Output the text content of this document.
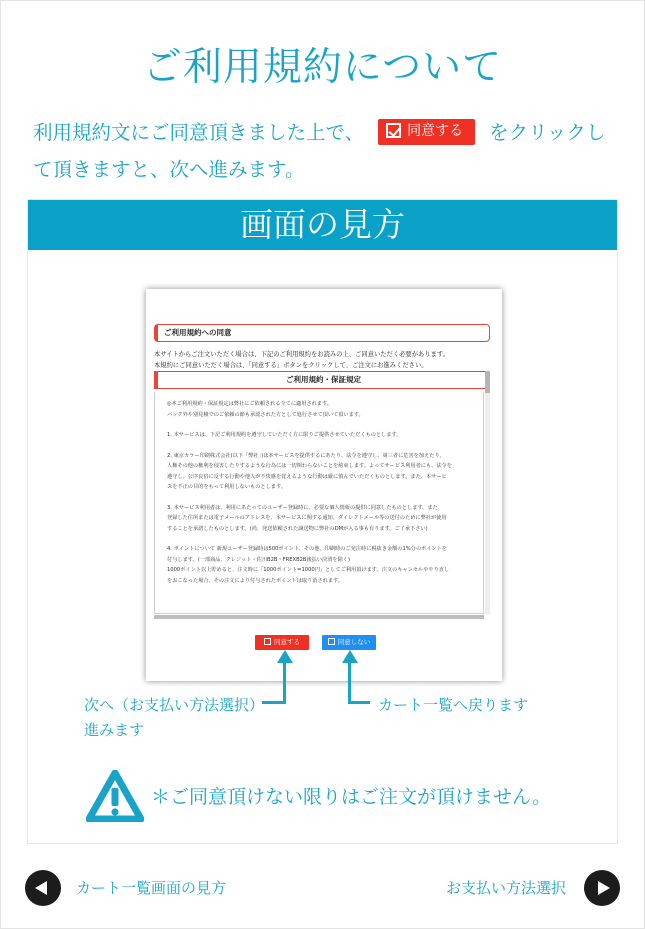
ご利用規約について
利用規約文にご同意頂きました上で、	同意する をクリックして頂きますと、次へ進みます。
画面の見方
ご利用規約への同意
本サイトからご注文いただく場合は、下記のご利用規約をお読みの上、ご同意いただく必要があります。
本規約にご同意いただく場合は、「同意する」ボタンをクリックして、ご注文にお進みください。
ご利用規約・保証規定
◎本ご利用規約・保証規定は弊社にご依頼される全てに適用されます。
バック外や別見積でのご依頼の節も承認された方として進行させて頂いて頂います。
1. 本サービスは、下記ご利用規約を遵守していただく方に限りご提供させていただくものとします。
2. 東京カラー印刷株式会社(以下「弊社」)は本サービスを提供するにあたり、法令を遵守し、第三者に危害を加えたり、
人権その他の権利を侵害したりするような行為には一切関わらないことを約束します。よってサービス利用者にも、法令を
遵守し、公序良俗に反する行動や他人が不快感を覚えるような行動は厳に慎んでいただくものとします。また、本サービ
スを不正の目的をもって利用しないものとします。
3. 本サービス利用者は、利用にあたってのユーザー登録時に、必要な個人情報の提供に同意したものとします。また、
登録した住所または電子メールのアドレスを、本サービスに関する通知、ダイレクトメール等の送付のために弊社が使用
することを承諾したものとします。(尚、発送依頼された譲送物に弊社のDMが入る事も有ります。ご了承下さい)
4. ポイントについて 新規ユーザー登録時は500ポイント、その他、印刷時のご発注時に税抜き金額の1%分のポイントを
付与します。(一部商品、クレジット・佐川B2B・FREXB2B後払い決済を除く)
1000ポイント以上貯めると、注文時に「1000ポイント=1000円」としてご利用頂けます。注文のキャンセルややり直し
をおこなった場合、その注文により付与されたポイントは取り消されます。
同意する	同意しない
次へ（お支払い方法選択）
進みます
カート一覧へ戻ります
＊ご同意頂けない限りはご注文が頂けません。
カート一覧画面の見方	お支払い方法選択
